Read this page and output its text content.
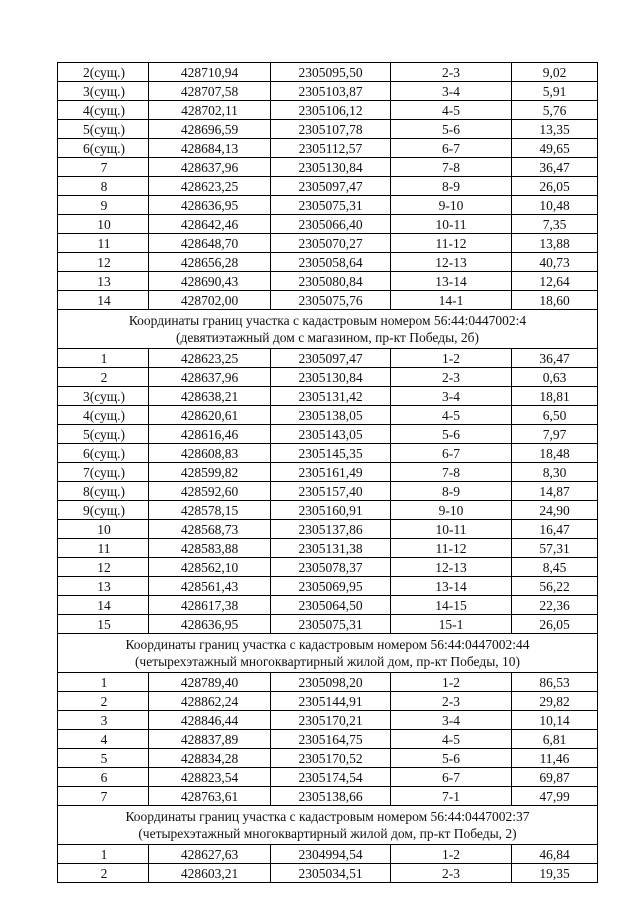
2(сущ.)	428710,94	2305095,50	2-3	9,02
3(сущ.)	428707,58	2305103,87	3-4	5,91
4(сущ.)	428702,11	2305106,12	4-5	5,76
5(сущ.)	428696,59	2305107,78	5-6	13,35
6(сущ.)	428684,13	2305112,57	6-7	49,65
7	428637,96	2305130,84	7-8	36,47
8	428623,25	2305097,47	8-9	26,05
9	428636,95	2305075,31	9-10	10,48
10	428642,46	2305066,40	10-11	7,35
11	428648,70	2305070,27	11-12	13,88
12	428656,28	2305058,64	12-13	40,73
13	428690,43	2305080,84	13-14	12,64
14	428702,00	2305075,76	14-1	18,60

Координаты границ участка с кадастровым номером 56:44:0447002:4
(девятиэтажный дом с магазином, пр-кт Победы, 2б)				

1	428623,25	2305097,47	1-2	36,47
2	428637,96	2305130,84	2-3	0,63
3(сущ.)	428638,21	2305131,42	3-4	18,81
4(сущ.)	428620,61	2305138,05	4-5	6,50
5(сущ.)	428616,46	2305143,05	5-6	7,97
6(сущ.)	428608,83	2305145,35	6-7	18,48
7(сущ.)	428599,82	2305161,49	7-8	8,30
8(сущ.)	428592,60	2305157,40	8-9	14,87
9(сущ.)	428578,15	2305160,91	9-10	24,90
10	428568,73	2305137,86	10-11	16,47
11	428583,88	2305131,38	11-12	57,31
12	428562,10	2305078,37	12-13	8,45
13	428561,43	2305069,95	13-14	56,22
14	428617,38	2305064,50	14-15	22,36
15	428636,95	2305075,31	15-1	26,05

Координаты границ участка с кадастровым номером 56:44:0447002:44
(четырехэтажный многоквартирный жилой дом, пр-кт Победы, 10)				

1	428789,40	2305098,20	1-2	86,53
2	428862,24	2305144,91	2-3	29,82
3	428846,44	2305170,21	3-4	10,14
4	428837,89	2305164,75	4-5	6,81
5	428834,28	2305170,52	5-6	11,46
6	428823,54	2305174,54	6-7	69,87
7	428763,61	2305138,66	7-1	47,99

Координаты границ участка с кадастровым номером 56:44:0447002:37
(четырехэтажный многоквартирный жилой дом, пр-кт Победы, 2)				

1	428627,63	2304994,54	1-2	46,84
2	428603,21	2305034,51	2-3	19,35
